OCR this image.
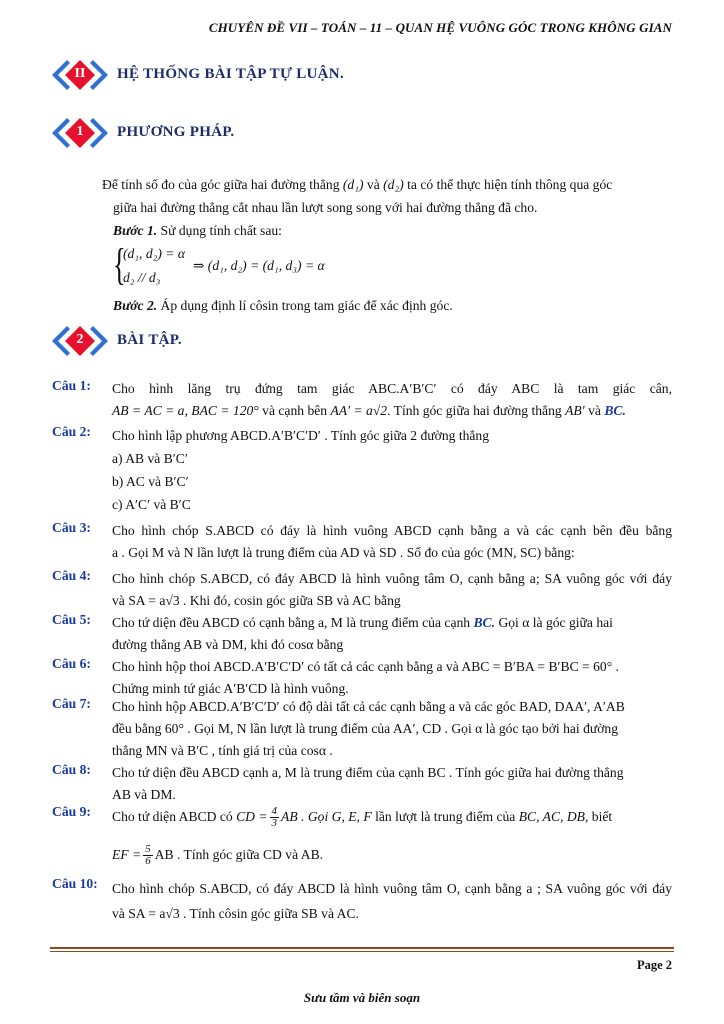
CHUYÊN ĐỀ VII – TOÁN – 11 – QUAN HỆ VUÔNG GÓC TRONG KHÔNG GIAN
II	HỆ THỐNG BÀI TẬP TỰ LUẬN.
1	PHƯƠNG PHÁP.
Để tính số đo của góc giữa hai đường thẳng (d₁) và (d₂) ta có thể thực hiện tính thông qua góc
giữa hai đường thẳng cắt nhau lần lượt song song với hai đường thẳng đã cho.
Bước 1. Sử dụng tính chất sau:
{
(d₁, d₂) = α
d₂ // d₃
⇒ (d₁, d₂) = (d₁, d₃) = α
Bước 2. Áp dụng định lí côsin trong tam giác để xác định góc.
2	BÀI TẬP.
Câu 1: Cho hình lăng trụ đứng tam giác ABC.A′B′C′ có đáy ABC là tam giác cân,
AB = AC = a, BAC = 120° và cạnh bên AA′ = a√2. Tính góc giữa hai đường thẳng AB′ và BC.
Câu 2: Cho hình lập phương ABCD.A′B′C′D′ . Tính góc giữa 2 đường thẳng
a) AB và B′C′
b) AC và B′C′
c) A′C′ và B′C
Câu 3: Cho hình chóp S.ABCD có đáy là hình vuông ABCD cạnh bằng a và các cạnh bên đều bằng
a . Gọi M và N lần lượt là trung điểm của AD và SD . Số đo của góc (MN, SC) bằng:
Câu 4: Cho hình chóp S.ABCD, có đáy ABCD là hình vuông tâm O, cạnh bằng a; SA vuông góc với đáy
và SA = a√3 . Khi đó, cosin góc giữa SB và AC bằng
Câu 5: Cho tứ diện đều ABCD có cạnh bằng a, M là trung điểm của cạnh BC. Gọi α là góc giữa hai
đường thẳng AB và DM, khi đó cosα bằng
Câu 6: Cho hình hộp thoi ABCD.A′B′C′D′ có tất cả các cạnh bằng a và ABC = B′BA = B′BC = 60° .
Chứng minh tứ giác A′B′CD là hình vuông.
Câu 7: Cho hình hộp ABCD.A′B′C′D′ có độ dài tất cả các cạnh bằng a và các góc BAD, DAA′, A′AB
đều bằng 60° . Gọi M, N lần lượt là trung điểm của AA′, CD . Gọi α là góc tạo bởi hai đường
thẳng MN và B′C , tính giá trị của cosα .
Câu 8: Cho tứ diện đều ABCD cạnh a, M là trung điểm của cạnh BC . Tính góc giữa hai đường thẳng
AB và DM.
Câu 9: Cho tứ diện ABCD có CD = $\frac{4}{3}$ AB . Gọi G, E, F lần lượt là trung điểm của BC, AC, DB, biết
EF = $\frac{5}{6}$ AB . Tính góc giữa CD và AB.
Câu 10: Cho hình chóp S.ABCD, có đáy ABCD là hình vuông tâm O, cạnh bằng a ; SA vuông góc với đáy
và SA = a√3 . Tính côsin góc giữa SB và AC.
Page 2
Sưu tầm và biên soạn
